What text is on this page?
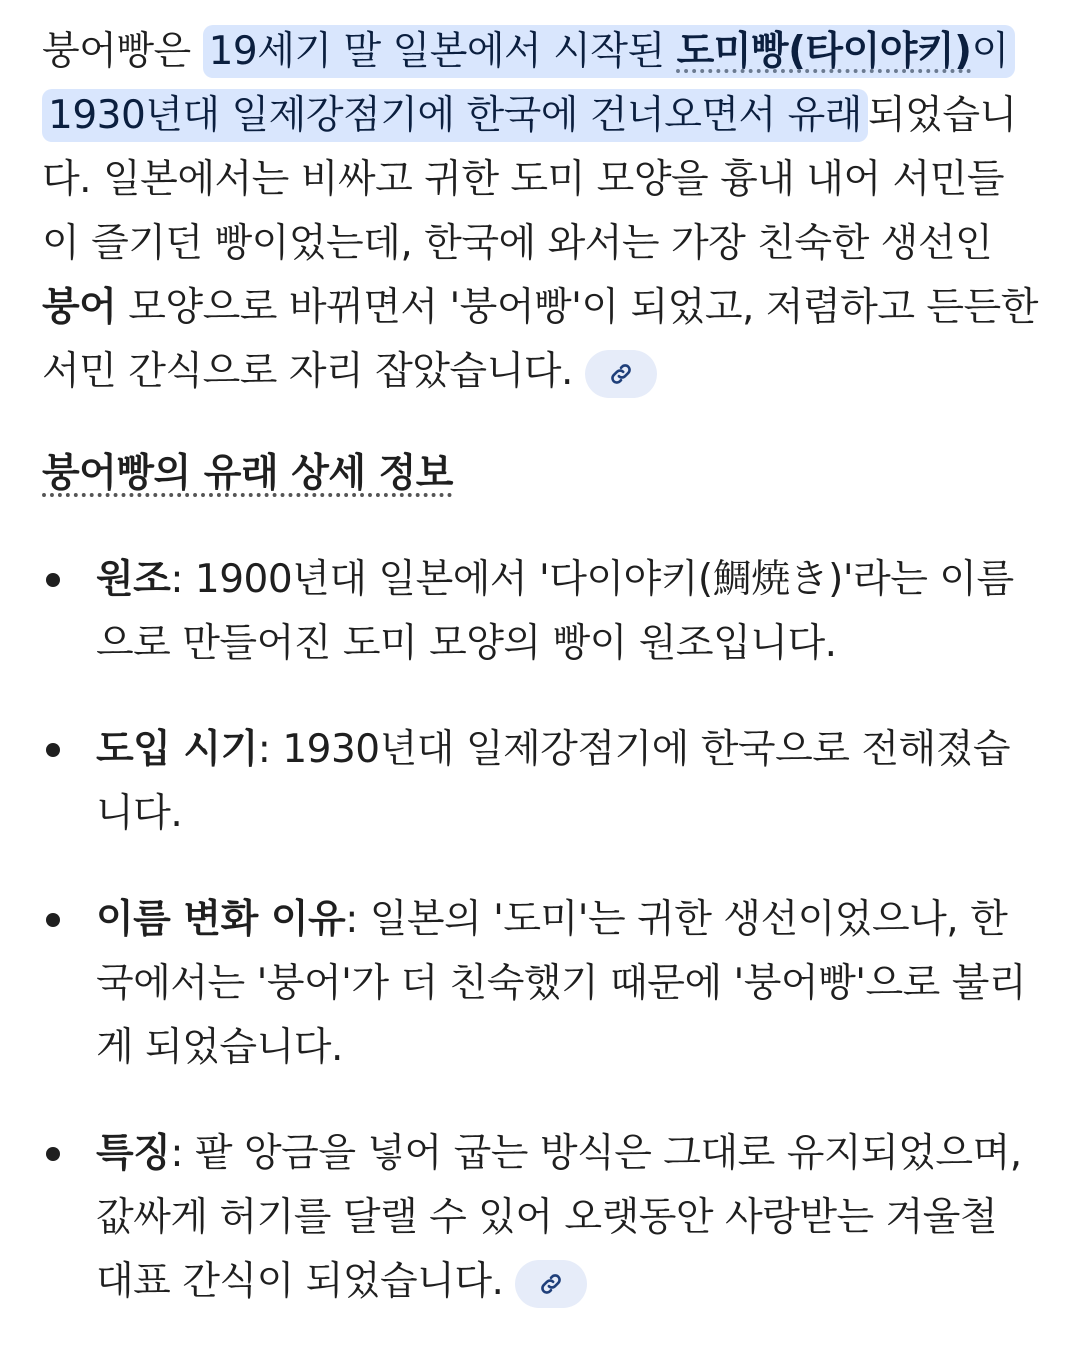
붕어빵은 19세기 말 일본에서 시작된 도미빵(타이야키)이 1930년대 일제강점기에 한국에 건너오면서 유래 되었습니다. 일본에서는 비싸고 귀한 도미 모양을 흉내 내어 서민들이 즐기던 빵이었는데, 한국에 와서는 가장 친숙한 생선인 붕어 모양으로 바뀌면서 '붕어빵'이 되었고, 저렴하고 든든한 서민 간식으로 자리 잡았습니다.

붕어빵의 유래 상세 정보
원조: 1900년대 일본에서 '다이야키(鯛焼き)'라는 이름으로 만들어진 도미 모양의 빵이 원조입니다.
도입 시기: 1930년대 일제강점기에 한국으로 전해졌습니다.
이름 변화 이유: 일본의 '도미'는 귀한 생선이었으나, 한국에서는 '붕어'가 더 친숙했기 때문에 '붕어빵'으로 불리게 되었습니다.
특징: 팥 앙금을 넣어 굽는 방식은 그대로 유지되었으며, 값싸게 허기를 달랠 수 있어 오랫동안 사랑받는 겨울철 대표 간식이 되었습니다.
